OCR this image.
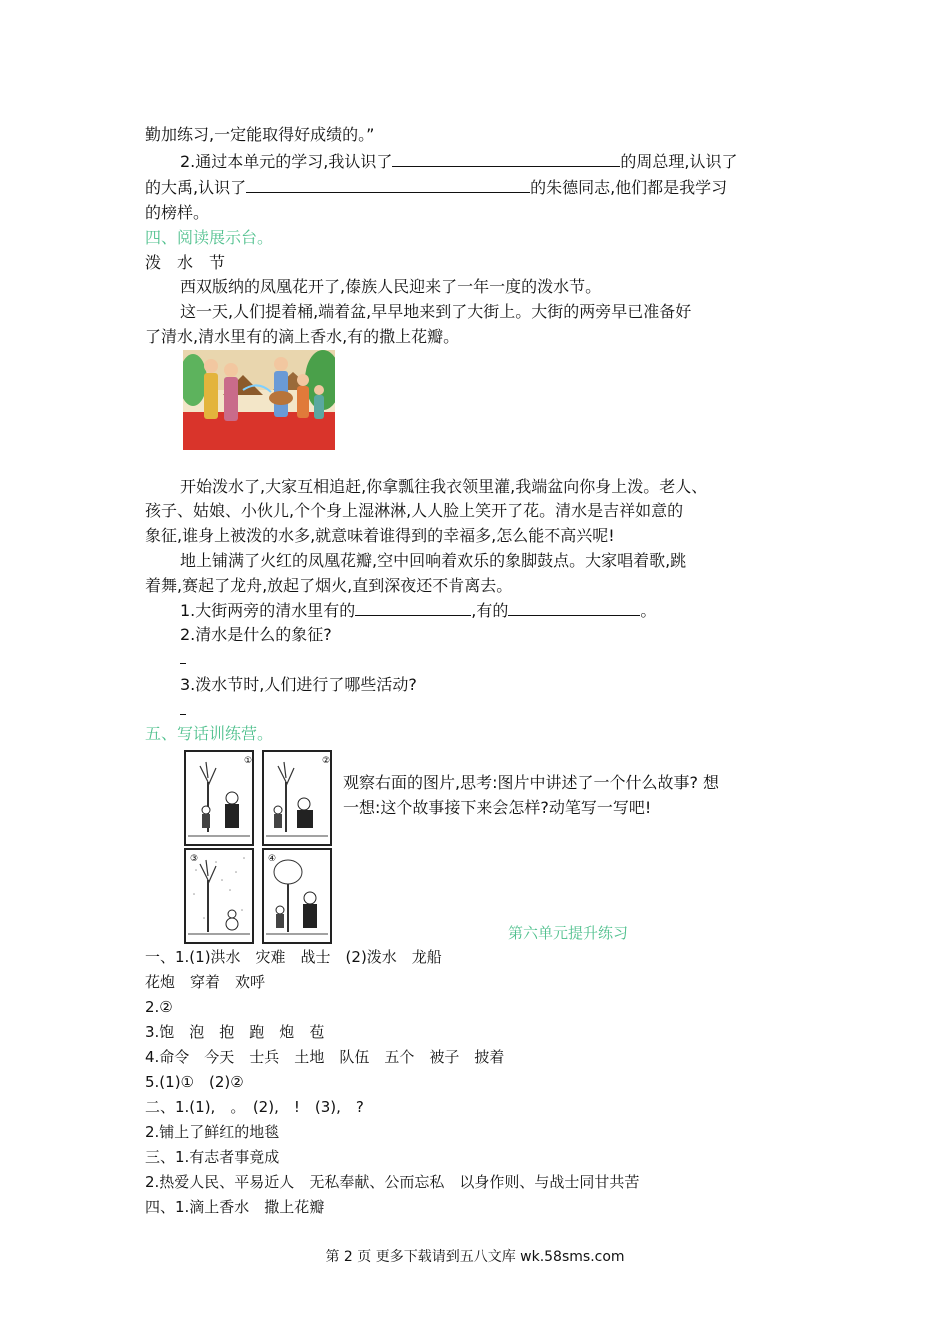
勤加练习,一定能取得好成绩的。”
2.通过本单元的学习,我认识了	的周总理,认识了
的大禹,认识了	的朱德同志,他们都是我学习
的榜样。
四、阅读展示台。
泼　水　节
西双版纳的凤凰花开了,傣族人民迎来了一年一度的泼水节。
这一天,人们提着桶,端着盆,早早地来到了大街上。大街的两旁早已准备好
了清水,清水里有的滴上香水,有的撒上花瓣。
开始泼水了,大家互相追赶,你拿瓢往我衣领里灌,我端盆向你身上泼。老人、
孩子、姑娘、小伙儿,个个身上湿淋淋,人人脸上笑开了花。清水是吉祥如意的
象征,谁身上被泼的水多,就意味着谁得到的幸福多,怎么能不高兴呢!
地上铺满了火红的凤凰花瓣,空中回响着欢乐的象脚鼓点。大家唱着歌,跳
着舞,赛起了龙舟,放起了烟火,直到深夜还不肯离去。
1.大街两旁的清水里有的	,有的	。
2.清水是什么的象征?
3.泼水节时,人们进行了哪些活动?
五、写话训练营。
①	②
③	④
观察右面的图片,思考:图片中讲述了一个什么故事? 想
一想:这个故事接下来会怎样?动笔写一写吧!
第六单元提升练习
一、1.(1)洪水　灾难　战士　(2)泼水　龙船
花炮　穿着　欢呼
2.②
3.饱　泡　抱　跑　炮　苞
4.命令　今天　士兵　土地　队伍　五个　被子　披着
5.(1)①　(2)②
二、1.(1),　。　(2),　!　(3),　?
2.铺上了鲜红的地毯
三、1.有志者事竟成
2.热爱人民、平易近人　无私奉献、公而忘私　以身作则、与战士同甘共苦
四、1.滴上香水　撒上花瓣
第 2 页 更多下载请到五八文库 wk.58sms.com
